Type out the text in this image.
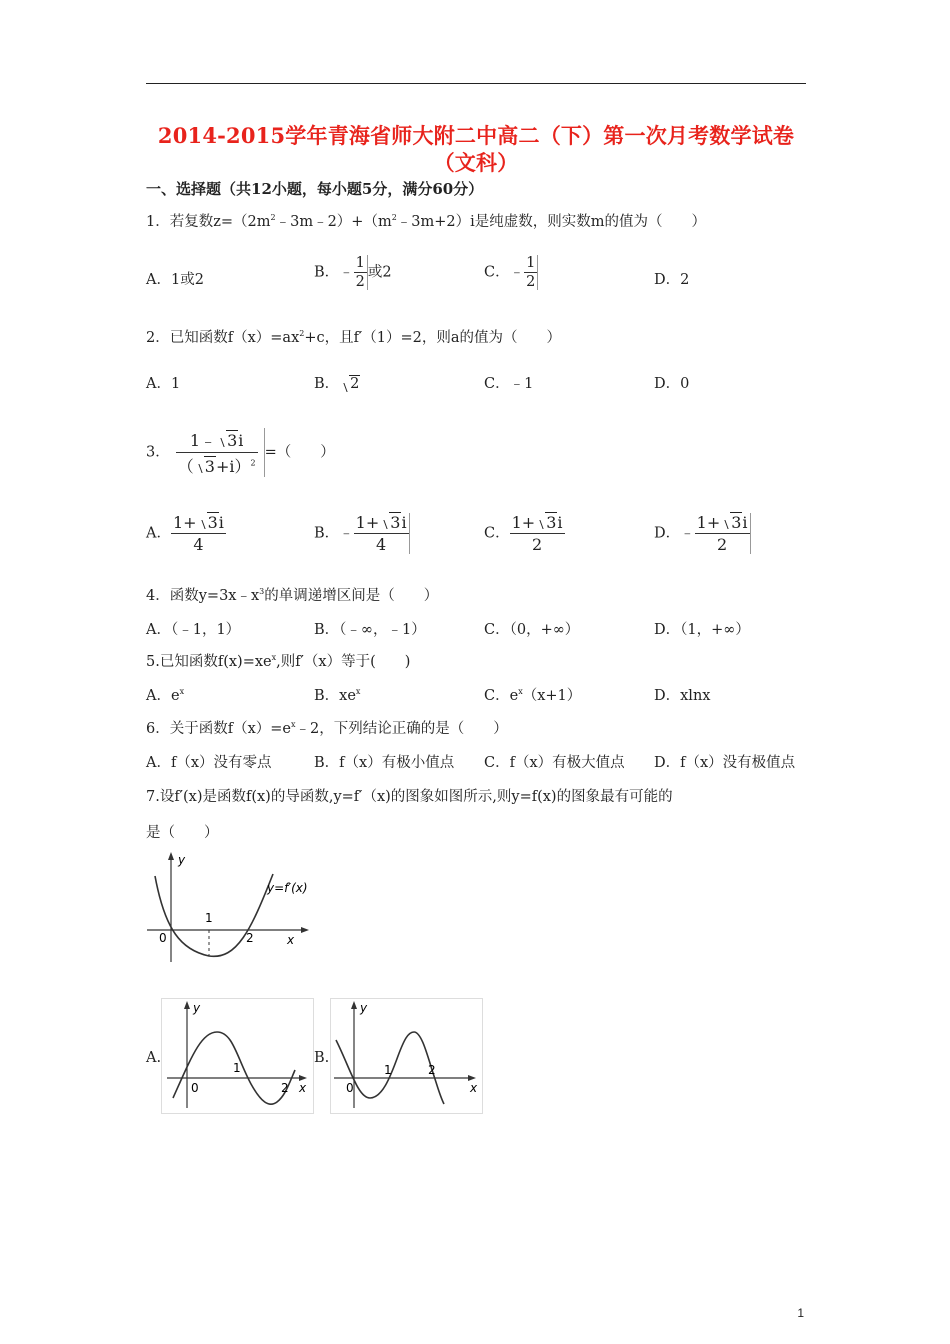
2014-2015学年青海省师大附二中高二（下）第一次月考数学试卷（文科）
一、选择题（共12小题，每小题5分，满分60分）
1．若复数$z=(2m^2﹣3m﹣2)+(m^2﹣3m+2)i$是纯虚数，则实数m的值为（　　）
A．1或2	B．﹣ $\frac{1}{2}$ 或2	C．﹣ $\frac{1}{2}$	D．2
2．已知函数$f(x)=ax^2+c$，且f′（1）=2，则a的值为（　　）
A．1	B． 2	C．﹣1	D．0
3． $\frac{1﹣ 3i}{( 3+i)^2}$ =（　　）
A． $\frac{1+ 3i}{4}$	B．﹣ $\frac{1+ 3i}{4}$	C． $\frac{1+ 3i}{2}$	D．﹣ $\frac{1+ 3i}{2}$
4．函数$y=3x﹣x^3$的单调递增区间是（　　）
A．（﹣1，1）	B．（﹣∞，﹣1）	C．（0，+∞）	D．（1，+∞）
5.已知函数$f(x)=xe^x$,则f′（x）等于(　　)
A．$e^x$	B．$xe^x$	C．$e^x(x+1)$	D．xlnx
6．关于函数$f(x)=e^x﹣2$，下列结论正确的是（　　）
A．f（x）没有零点	B．f（x）有极小值点 C．f（x）有极大值点 D．f（x）没有极值点
7.设f′(x)是函数f(x)的导函数,y=f′（x)的图象如图所示,则y=f(x)的图象最有可能的
是（　　）
y
x
0
1
2
y=f′(x)
A.
y
x
0
1
2
B.
y
x
0
1	2
1
